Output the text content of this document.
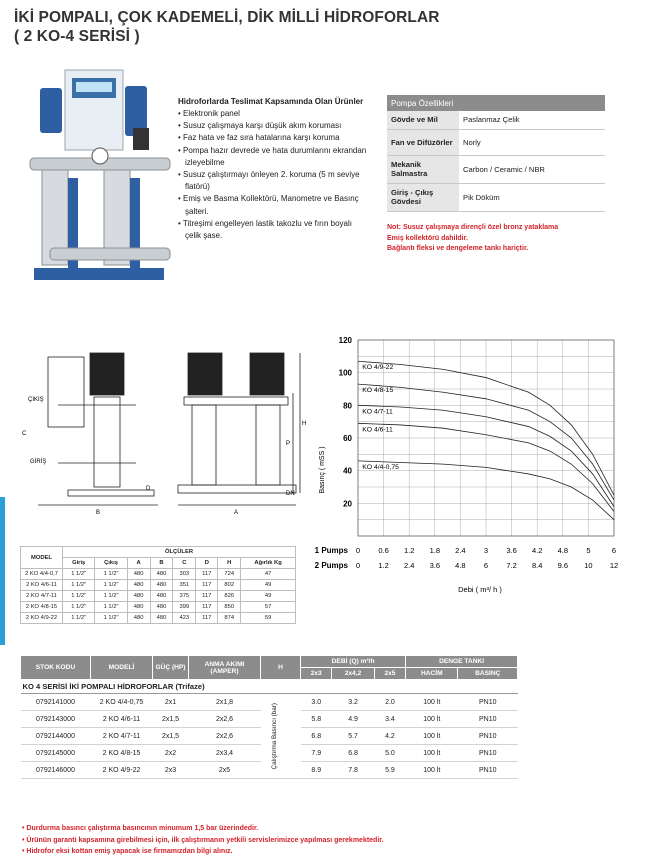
İKİ POMPALI, ÇOK KADEMELİ, DİK MİLLİ HİDROFORLAR
( 2 KO-4 SERİSİ )
Hidroforlarda Teslimat Kapsamında Olan Ürünler
• Elektronik panel
• Susuz çalışmaya karşı düşük akım koruması
• Faz hata ve faz sıra hatalarına karşı koruma
• Pompa hazır devrede ve hata durumlarını ekrandan izleyebilme
• Susuz çalıştırmayı önleyen 2. koruma (5 m seviye flatörü)
• Emiş ve Basma Kollektörü, Manometre ve Basınç şalteri.
• Titreşimi engelleyen lastik takozlu ve fırın boyalı çelik şase.
Pompa Özellikleri	
Gövde ve Mil	Paslanmaz Çelik
Fan ve Difüzörler	Norly
Mekanik Salmastra	Carbon / Ceramic / NBR
Giriş - Çıkış Gövdesi	Pik Döküm
Not: Susuz çalışmaya dirençli özel bronz yataklama
Emiş kollektörü dahildir.
Bağlantı fleksi ve dengeleme tankı hariçtir.
ÇIKIŞ
GİRİŞ
C
D
B	A
H
P
DN
Basınç ( mSS )
Debi ( m³/ h )
1 Pumps
2 Pumps
20
40
60
80
100
120
0 0.6 1.2 1.8 2.4 3 3.6 4.2 4.8 5	6
0 1.2 2.4 3.6 4.8 6 7.2 8.4 9.6 10 12
KO 4/9-22
KO 4/8-15
KO 4/7-11
KO 4/6-11
KO 4/4-0,75
MODEL	ÖLÇÜLER							
	Giriş	Çıkış	A	B	C	D	H	Ağırlık Kg
2 KO 4/4-0,7	1 1/2"	1 1/2"	480	480	303	117	724	47
2 KO 4/6-11	1 1/2"	1 1/2"	480	480	351	117	802	49
2 KO 4/7-11	1 1/2"	1 1/2"	480	480	375	117	826	49
2 KO 4/8-15	1 1/2"	1 1/2"	480	480	399	117	850	57
2 KO 4/9-22	1 1/2"	1 1/2"	480	480	423	117	874	59
STOK KODU	MODELİ	GÜÇ (HP)	ANMA AKIMI (AMPER)	H	DEBİ (Q) m³/h			DENGE TANKI	
					2x3	2x4,2	2x5	HACİM	BASINÇ
KO 4 SERİSİ İKİ POMPALI HİDROFORLAR (Trifaze)									
0792141000	2 KO 4/4-0,75	2x1	2x1,8	Çalıştırma Basıncı (bar)	3.0	3.2	2.0	100 lt	PN10
0792143000	2 KO 4/6-11	2x1,5	2x2,6		5.8	4.9	3.4	100 lt	PN10
0792144000	2 KO 4/7-11	2x1,5	2x2,6		6.8	5.7	4.2	100 lt	PN10
0792145000	2 KO 4/8-15	2x2	2x3,4		7.9	6.8	5.0	100 lt	PN10
0792146000	2 KO 4/9-22	2x3	2x5		8.9	7.8	5.9	100 lt	PN10
• Durdurma basıncı çalıştırma basıncının minumum 1,5 bar üzerindedir.
• Ürünün garanti kapsamına girebilmesi için, ilk çalıştırmanın yetkili servislerimizce yapılması gerekmektedir.
• Hidrofor eksi kottan emiş yapacak ise firmamızdan bilgi alınız.
